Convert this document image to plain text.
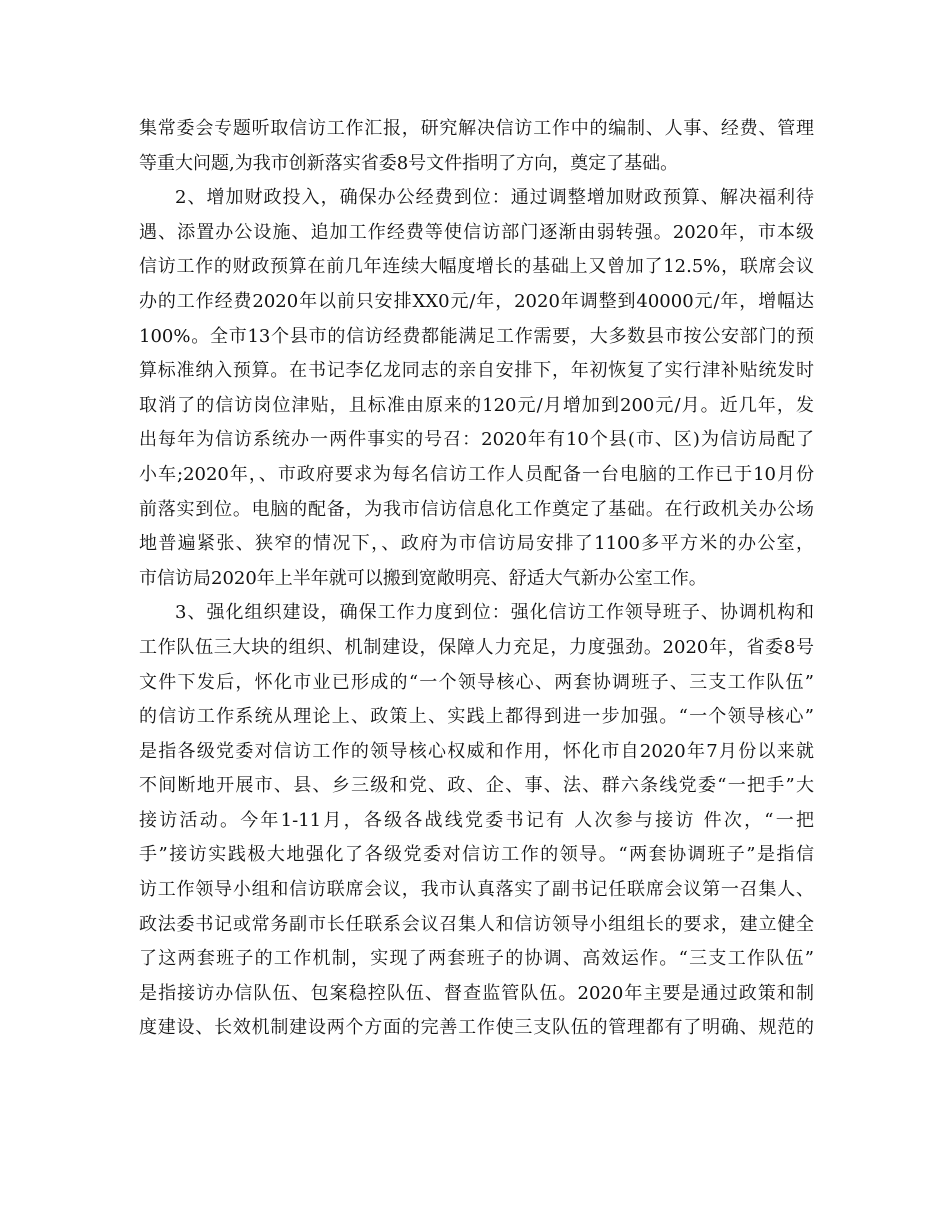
集常委会专题听取信访工作汇报，研究解决信访工作中的编制、人事、经费、管理
等重大问题,为我市创新落实省委8号文件指明了方向，奠定了基础。
2、增加财政投入，确保办公经费到位：通过调整增加财政预算、解决福利待
遇、添置办公设施、追加工作经费等使信访部门逐渐由弱转强。2020年，市本级
信访工作的财政预算在前几年连续大幅度增长的基础上又曾加了12.5%，联席会议
办的工作经费2020年以前只安排XX0元/年，2020年调整到40000元/年，增幅达
100%。全市13个县市的信访经费都能满足工作需要，大多数县市按公安部门的预
算标准纳入预算。在书记李亿龙同志的亲自安排下，年初恢复了实行津补贴统发时
取消了的信访岗位津贴，且标准由原来的120元/月增加到200元/月。近几年，发
出每年为信访系统办一两件事实的号召：2020年有10个县(市、区)为信访局配了
小车;2020年，、市政府要求为每名信访工作人员配备一台电脑的工作已于10月份
前落实到位。电脑的配备，为我市信访信息化工作奠定了基础。在行政机关办公场
地普遍紧张、狭窄的情况下，、政府为市信访局安排了1100多平方米的办公室，
市信访局2020年上半年就可以搬到宽敞明亮、舒适大气新办公室工作。
3、强化组织建设，确保工作力度到位：强化信访工作领导班子、协调机构和
工作队伍三大块的组织、机制建设，保障人力充足，力度强劲。2020年，省委8号
文件下发后，怀化市业已形成的“一个领导核心、两套协调班子、三支工作队伍”
的信访工作系统从理论上、政策上、实践上都得到进一步加强。“一个领导核心”
是指各级党委对信访工作的领导核心权威和作用，怀化市自2020年7月份以来就
不间断地开展市、县、乡三级和党、政、企、事、法、群六条线党委“一把手”大
接访活动。今年1-11月，各级各战线党委书记有 人次参与接访 件次，“一把
手”接访实践极大地强化了各级党委对信访工作的领导。“两套协调班子”是指信
访工作领导小组和信访联席会议，我市认真落实了副书记任联席会议第一召集人、
政法委书记或常务副市长任联系会议召集人和信访领导小组组长的要求，建立健全
了这两套班子的工作机制，实现了两套班子的协调、高效运作。“三支工作队伍”
是指接访办信队伍、包案稳控队伍、督查监管队伍。2020年主要是通过政策和制
度建设、长效机制建设两个方面的完善工作使三支队伍的管理都有了明确、规范的
